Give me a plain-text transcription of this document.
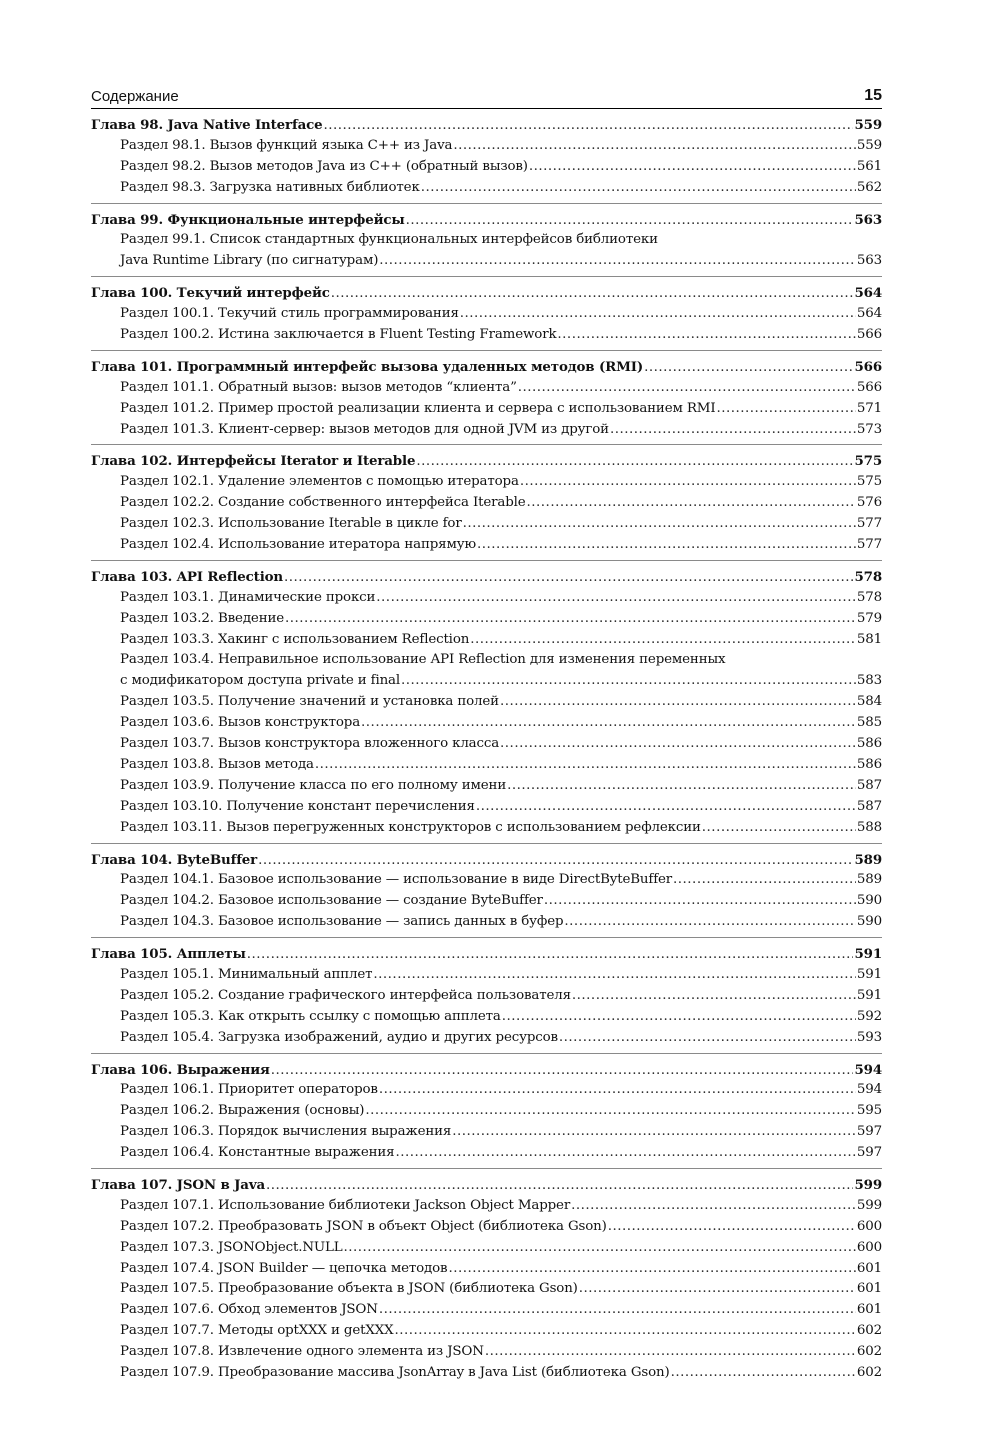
Содержание	15
Глава 98. Java Native Interface .....	559
Раздел 98.1. Вызов функций языка C++ из Java .....	559
Раздел 98.2. Вызов методов Java из C++ (обратный вызов) .....	561
Раздел 98.3. Загрузка нативных библиотек .....	562
Глава 99. Функциональные интерфейсы .....	563
Раздел 99.1. Список стандартных функциональных интерфейсов библиотеки
Java Runtime Library (по сигнатурам) .....	563
Глава 100. Текучий интерфейс .....	564
Раздел 100.1. Текучий стиль программирования .....	564
Раздел 100.2. Истина заключается в Fluent Testing Framework .....	566
Глава 101. Программный интерфейс вызова удаленных методов (RMI) .....	566
Раздел 101.1. Обратный вызов: вызов методов “клиента” .....	566
Раздел 101.2. Пример простой реализации клиента и сервера с использованием RMI .....	571
Раздел 101.3. Клиент-сервер: вызов методов для одной JVM из другой .....	573
Глава 102. Интерфейсы Iterator и Iterable .....	575
Раздел 102.1. Удаление элементов с помощью итератора .....	575
Раздел 102.2. Создание собственного интерфейса Iterable .....	576
Раздел 102.3. Использование Iterable в цикле for .....	577
Раздел 102.4. Использование итератора напрямую .....	577
Глава 103. API Reflection .....	578
Раздел 103.1. Динамические прокси .....	578
Раздел 103.2. Введение .....	579
Раздел 103.3. Хакинг с использованием Reflection .....	581
Раздел 103.4. Неправильное использование API Reflection для изменения переменных
с модификатором доступа private и final .....	583
Раздел 103.5. Получение значений и установка полей .....	584
Раздел 103.6. Вызов конструктора .....	585
Раздел 103.7. Вызов конструктора вложенного класса .....	586
Раздел 103.8. Вызов метода .....	586
Раздел 103.9. Получение класса по его полному имени .....	587
Раздел 103.10. Получение констант перечисления .....	587
Раздел 103.11. Вызов перегруженных конструкторов с использованием рефлексии .....	588
Глава 104. ByteBuffer .....	589
Раздел 104.1. Базовое использование — использование в виде DirectByteBuffer .....	589
Раздел 104.2. Базовое использование — создание ByteBuffer .....	590
Раздел 104.3. Базовое использование — запись данных в буфер .....	590
Глава 105. Апплеты .....	591
Раздел 105.1. Минимальный апплет .....	591
Раздел 105.2. Создание графического интерфейса пользователя .....	591
Раздел 105.3. Как открыть ссылку с помощью апплета .....	592
Раздел 105.4. Загрузка изображений, аудио и других ресурсов .....	593
Глава 106. Выражения .....	594
Раздел 106.1. Приоритет операторов .....	594
Раздел 106.2. Выражения (основы) .....	595
Раздел 106.3. Порядок вычисления выражения .....	597
Раздел 106.4. Константные выражения .....	597
Глава 107. JSON в Java .....	599
Раздел 107.1. Использование библиотеки Jackson Object Mapper .....	599
Раздел 107.2. Преобразовать JSON в объект Object (библиотека Gson) .....	600
Раздел 107.3. JSONObject.NULL .....	600
Раздел 107.4. JSON Builder — цепочка методов .....	601
Раздел 107.5. Преобразование объекта в JSON (библиотека Gson) .....	601
Раздел 107.6. Обход элементов JSON .....	601
Раздел 107.7. Методы optXXX и getXXX .....	602
Раздел 107.8. Извлечение одного элемента из JSON .....	602
Раздел 107.9. Преобразование массива JsonArray в Java List (библиотека Gson) .....	602
